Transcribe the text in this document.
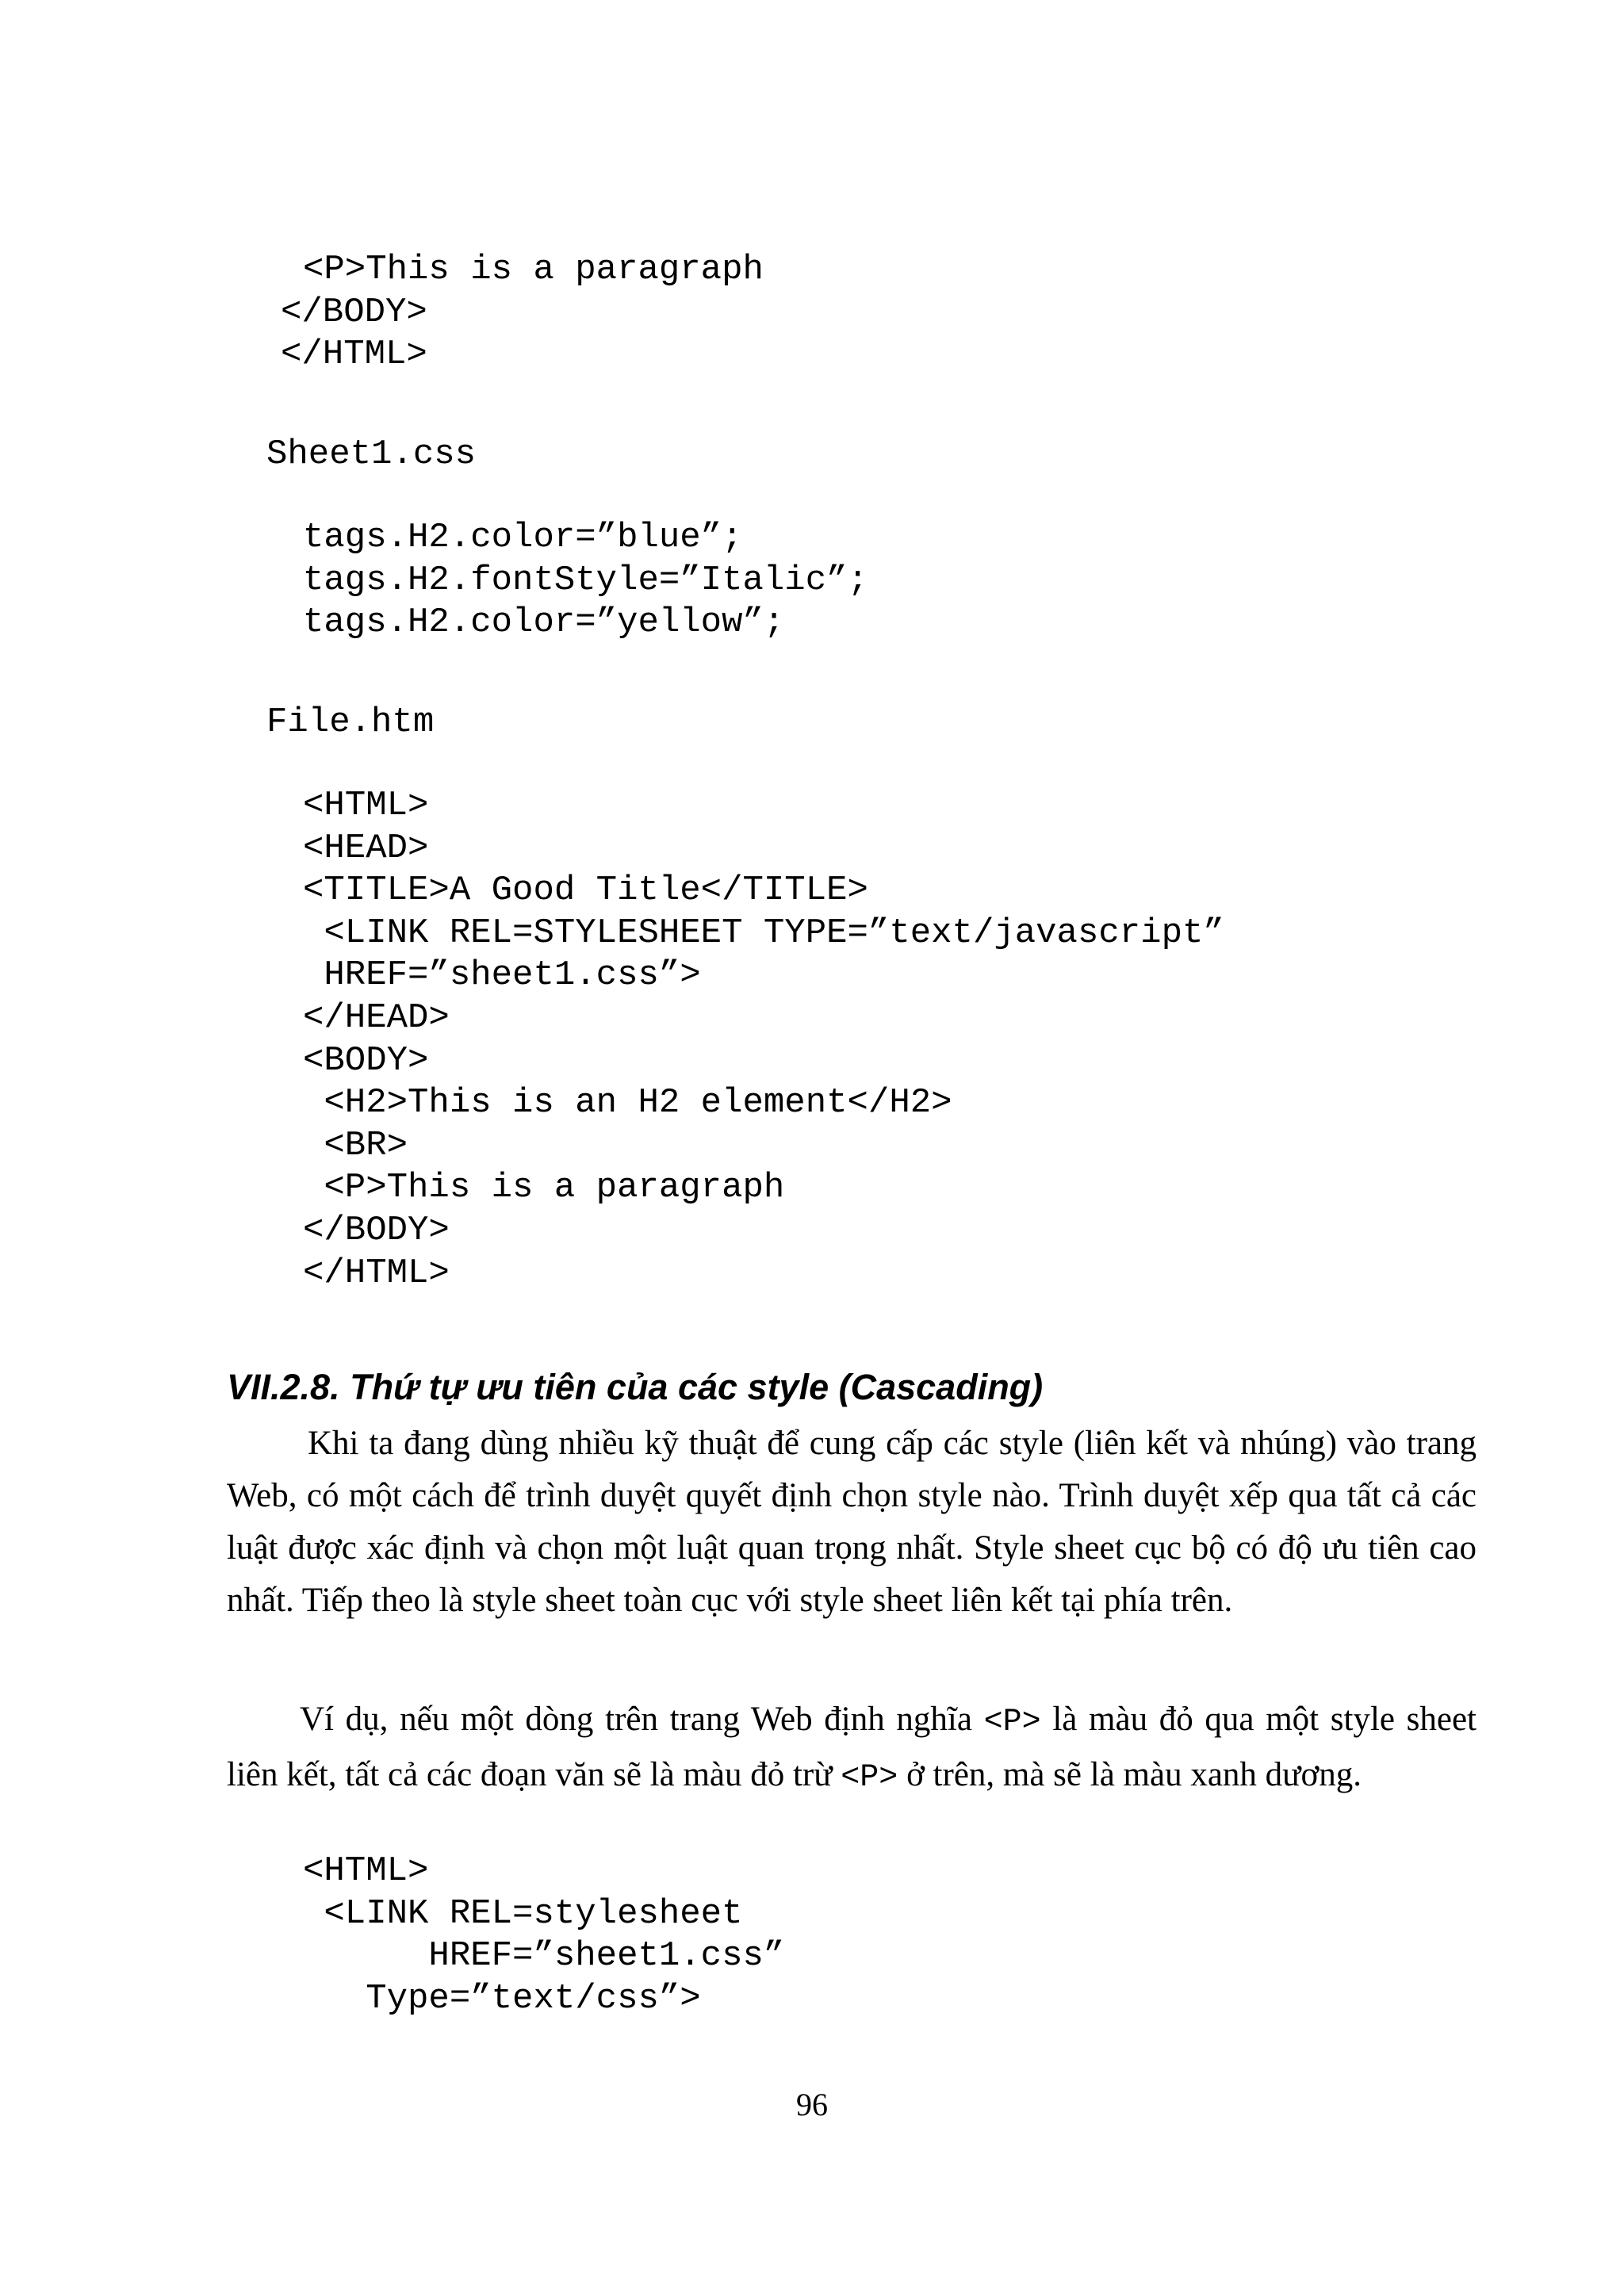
<P>This is a paragraph
</BODY>
</HTML>

Sheet1.css

tags.H2.color=”blue”;
tags.H2.fontStyle=”Italic”;
tags.H2.color=”yellow”;

File.htm

<HTML>
<HEAD>
<TITLE>A Good Title</TITLE>
<LINK REL=STYLESHEET TYPE=”text/javascript”
HREF=”sheet1.css”>
</HEAD>
<BODY>
<H2>This is an H2 element</H2>
<BR>
<P>This is a paragraph
</BODY>
</HTML>
VII.2.8. Thứ tự ưu tiên của các style (Cascading)

Khi ta đang dùng nhiều kỹ thuật để cung cấp các style (liên kết và nhúng) vào trang Web, có một cách để trình duyệt quyết định chọn style nào. Trình duyệt xếp qua tất cả các luật được xác định và chọn một luật quan trọng nhất. Style sheet cục bộ có độ ưu tiên cao nhất. Tiếp theo là style sheet toàn cục với style sheet liên kết tại phía trên.

Ví dụ, nếu một dòng trên trang Web định nghĩa <P> là màu đỏ qua một style sheet liên kết, tất cả các đoạn văn sẽ là màu đỏ trừ <P> ở trên, mà sẽ là màu xanh dương.

<HTML>
<LINK REL=stylesheet
HREF=”sheet1.css”
Type=”text/css”>

96
